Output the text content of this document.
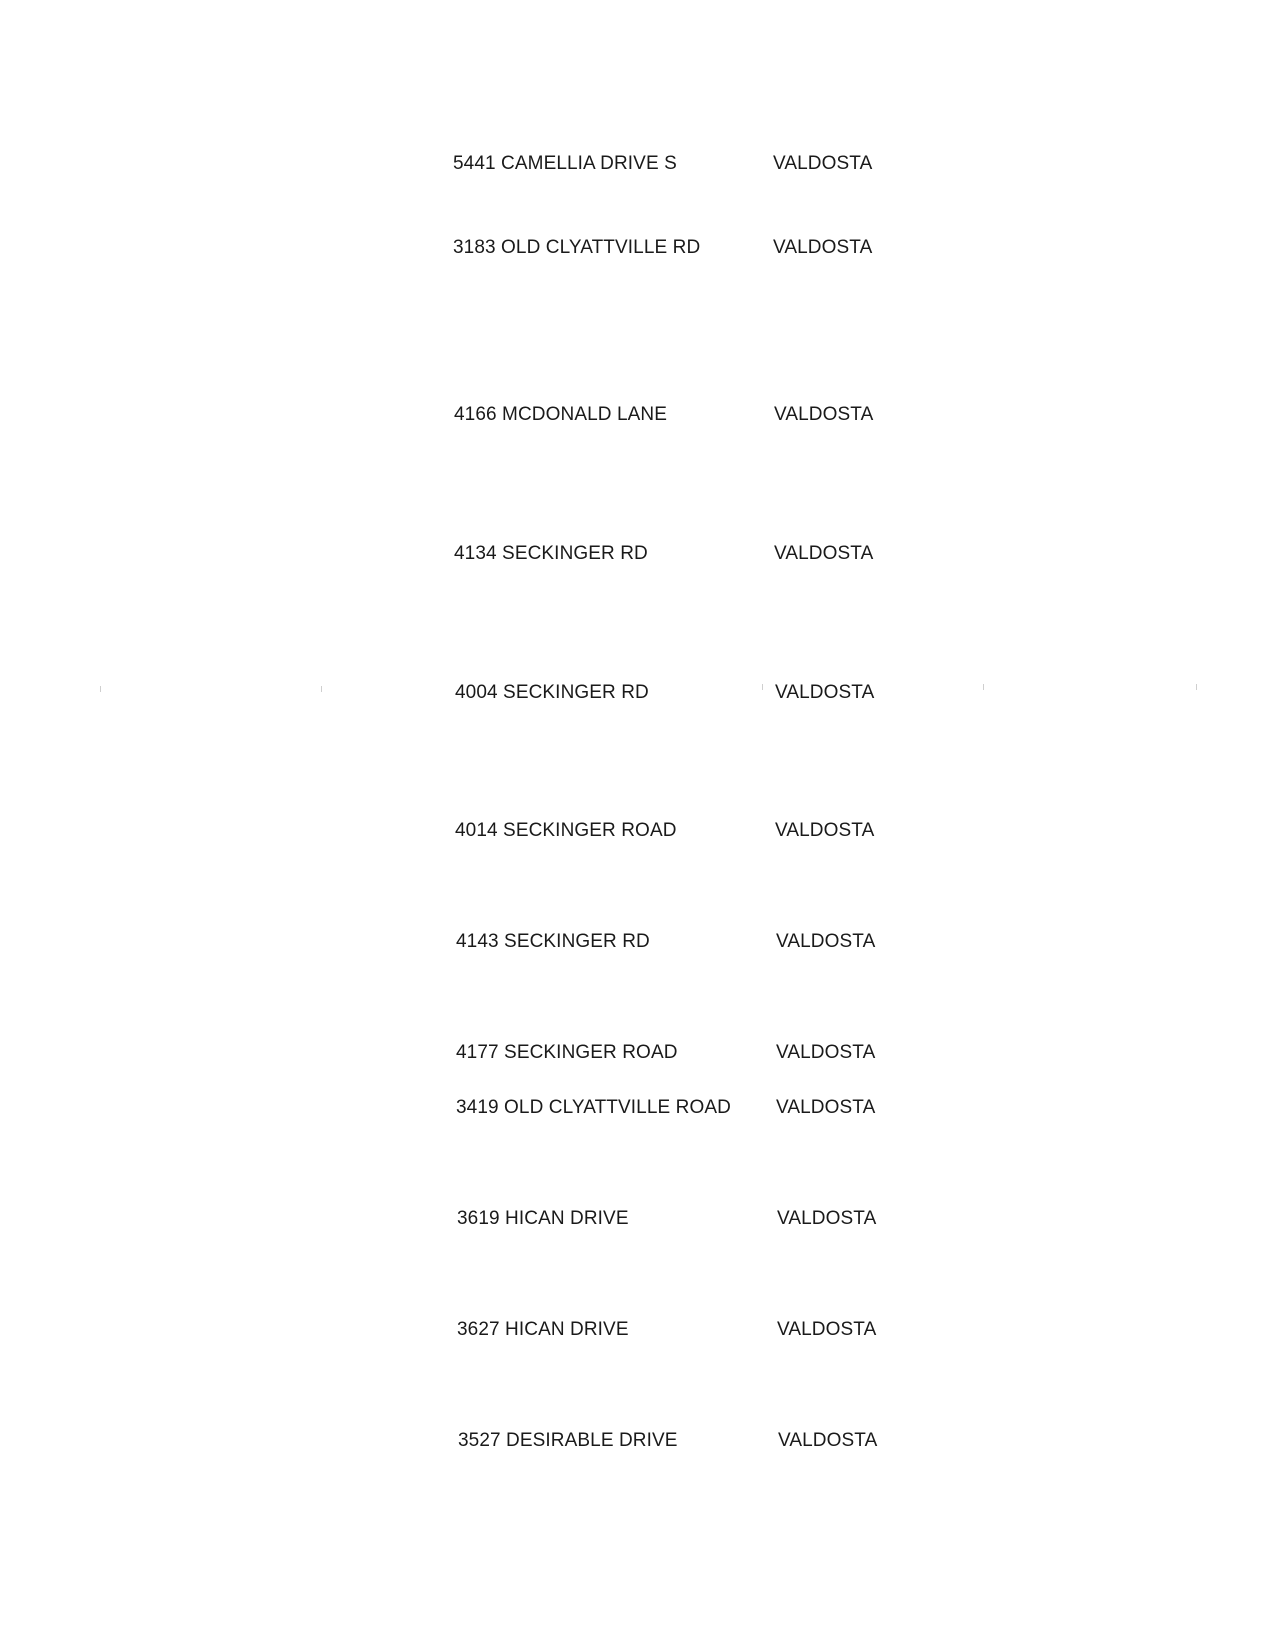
5441 CAMELLIA DRIVE S	VALDOSTA
3183 OLD CLYATTVILLE RD	VALDOSTA
4166 MCDONALD LANE	VALDOSTA
4134 SECKINGER RD	VALDOSTA
4004 SECKINGER RD	VALDOSTA
4014 SECKINGER ROAD	VALDOSTA
4143 SECKINGER RD	VALDOSTA
4177 SECKINGER ROAD	VALDOSTA
3419 OLD CLYATTVILLE ROAD VALDOSTA
3619 HICAN DRIVE	VALDOSTA
3627 HICAN DRIVE	VALDOSTA
3527 DESIRABLE DRIVE	VALDOSTA
